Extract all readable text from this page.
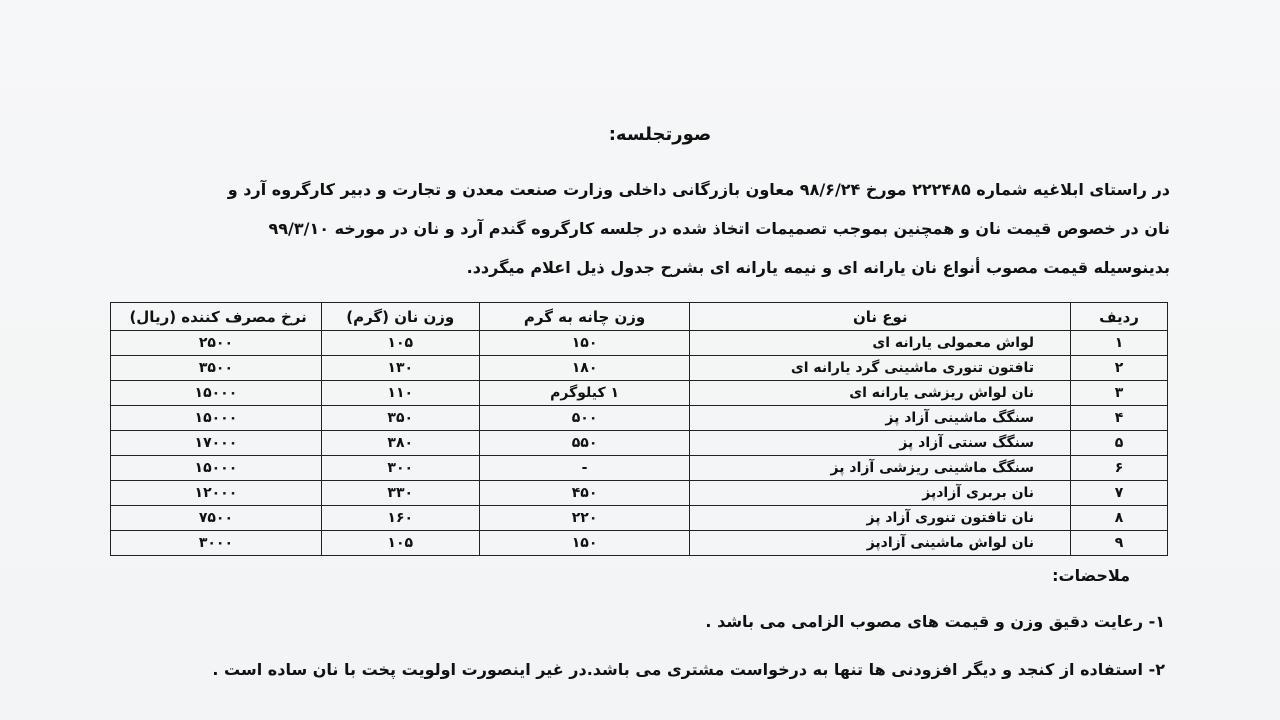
صورتجلسه:
در راستای ابلاغیه شماره ۲۲۲۴۸۵ مورخ ۹۸/۶/۲۴ معاون بازرگانی داخلی وزارت صنعت معدن و تجارت و دبیر کارگروه آرد و
نان در خصوص قیمت نان و همچنین بموجب تصمیمات اتخاذ شده در جلسه کارگروه گندم آرد و نان در مورخه ۹۹/۳/۱۰
بدینوسیله قیمت مصوب أنواع نان یارانه ای و نیمه یارانه ای بشرح جدول ذیل اعلام میگردد.
ردیف	نوع نان	وزن چانه به گرم	وزن نان (گرم)	نرخ مصرف کننده (ریال)
۱	لواش معمولی یارانه ای	۱۵۰	۱۰۵	۲۵۰۰
۲	تافتون تنوری ماشینی گرد یارانه ای	۱۸۰	۱۳۰	۳۵۰۰
۳	نان لواش ریزشی یارانه ای	۱ کیلوگرم	۱۱۰	۱۵۰۰۰
۴	سنگگ ماشینی آزاد پز	۵۰۰	۳۵۰	۱۵۰۰۰
۵	سنگگ سنتی آزاد پز	۵۵۰	۳۸۰	۱۷۰۰۰
۶	سنگگ ماشینی ریزشی آزاد پز	-	۳۰۰	۱۵۰۰۰
۷	نان بربری آزادپز	۴۵۰	۳۳۰	۱۲۰۰۰
۸	نان تافتون تنوری آزاد پز	۲۲۰	۱۶۰	۷۵۰۰
۹	نان لواش ماشینی آزادپز	۱۵۰	۱۰۵	۳۰۰۰
ملاحضات:
۱- رعایت دقیق وزن و قیمت های مصوب الزامی می باشد .
۲- استفاده از کنجد و دیگر افزودنی ها تنها به درخواست مشتری می باشد.در غیر اینصورت اولویت پخت با نان ساده است .
